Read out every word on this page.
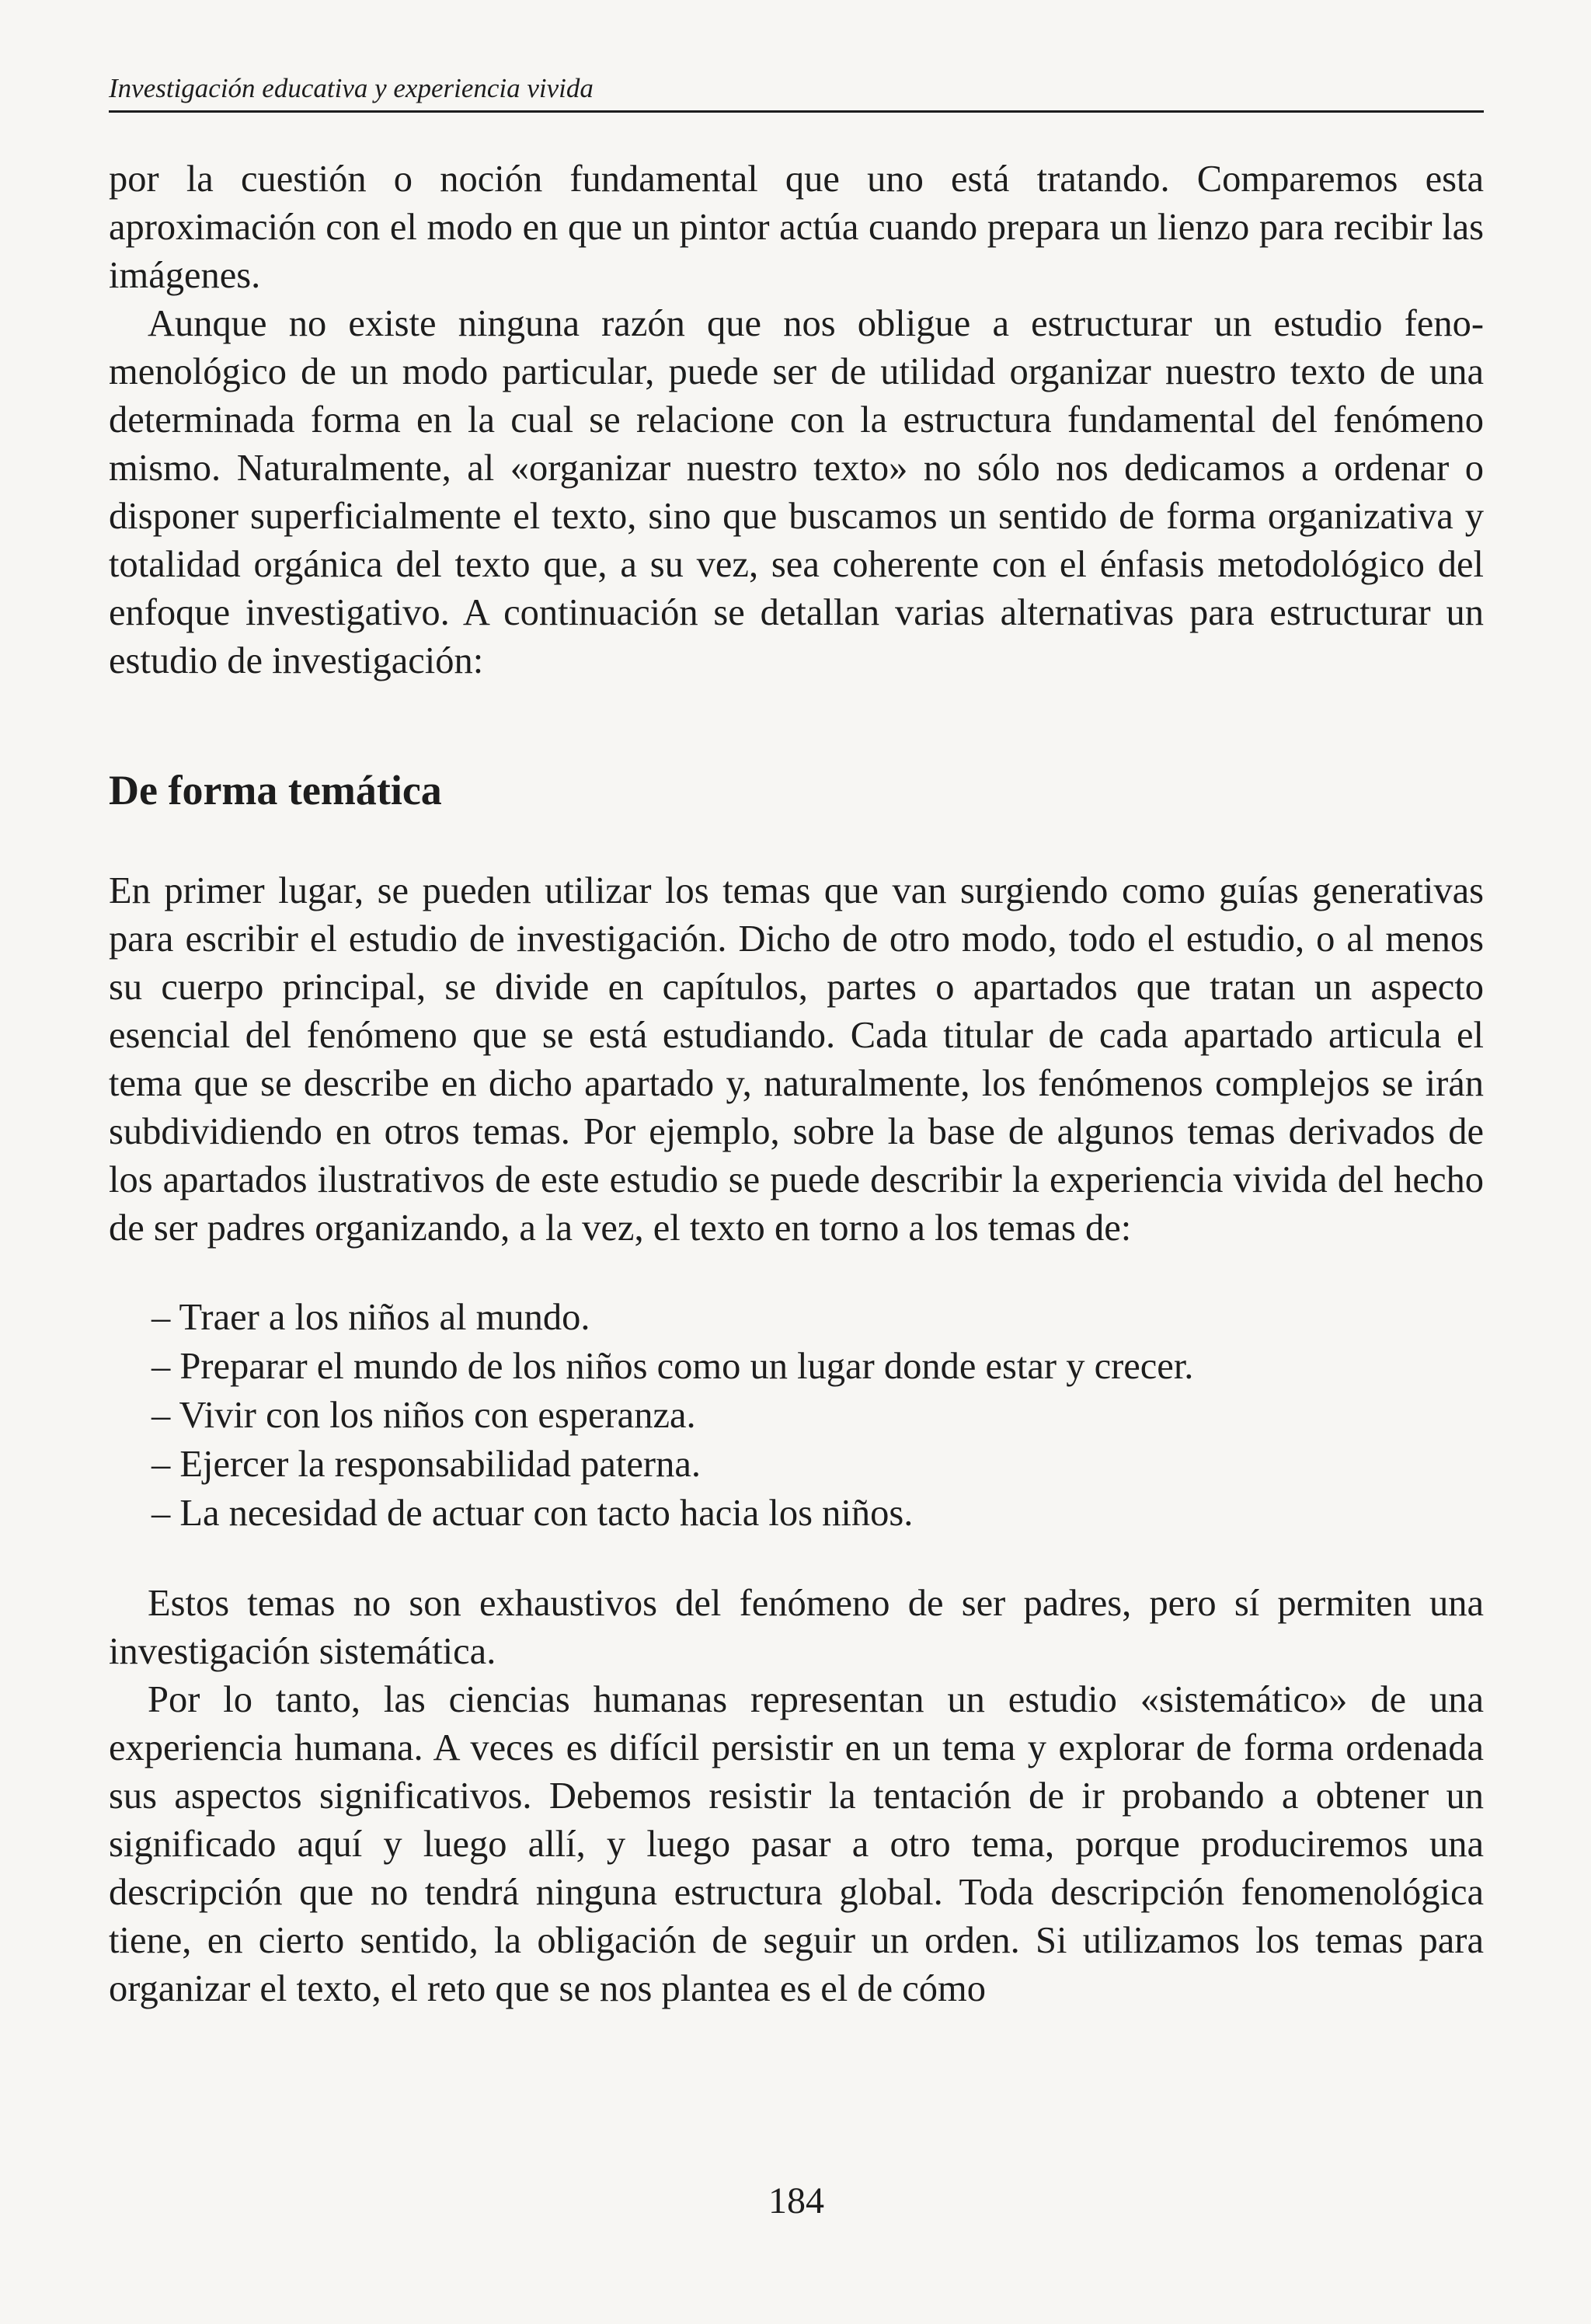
Investigación educativa y experiencia vivida

por la cuestión o noción fundamental que uno está tratando. Comparemos esta aproximación con el modo en que un pintor actúa cuando prepara un lienzo para recibir las imágenes.

Aunque no existe ninguna razón que nos obligue a estructurar un estudio fenomenológico de un modo particular, puede ser de utilidad organizar nuestro texto de una determinada forma en la cual se relacione con la estructura fundamental del fenómeno mismo. Naturalmente, al «organizar nuestro texto» no sólo nos dedicamos a ordenar o disponer superficialmente el texto, sino que buscamos un sentido de forma organizativa y totalidad orgánica del texto que, a su vez, sea coherente con el énfasis metodológico del enfoque investigativo. A continuación se detallan varias alternativas para estructurar un estudio de investigación:

De forma temática

En primer lugar, se pueden utilizar los temas que van surgiendo como guías generativas para escribir el estudio de investigación. Dicho de otro modo, todo el estudio, o al menos su cuerpo principal, se divide en capítulos, partes o apartados que tratan un aspecto esencial del fenómeno que se está estudiando. Cada titular de cada apartado articula el tema que se describe en dicho apartado y, naturalmente, los fenómenos complejos se irán subdividiendo en otros temas. Por ejemplo, sobre la base de algunos temas derivados de los apartados ilustrativos de este estudio se puede describir la experiencia vivida del hecho de ser padres organizando, a la vez, el texto en torno a los temas de:

– Traer a los niños al mundo.
– Preparar el mundo de los niños como un lugar donde estar y crecer.
– Vivir con los niños con esperanza.
– Ejercer la responsabilidad paterna.
– La necesidad de actuar con tacto hacia los niños.

Estos temas no son exhaustivos del fenómeno de ser padres, pero sí permiten una investigación sistemática.

Por lo tanto, las ciencias humanas representan un estudio «sistemático» de una experiencia humana. A veces es difícil persistir en un tema y explorar de forma ordenada sus aspectos significativos. Debemos resistir la tentación de ir probando a obtener un significado aquí y luego allí, y luego pasar a otro tema, porque produciremos una descripción que no tendrá ninguna estructura global. Toda descripción fenomenológica tiene, en cierto sentido, la obligación de seguir un orden. Si utilizamos los temas para organizar el texto, el reto que se nos plantea es el de cómo

184
